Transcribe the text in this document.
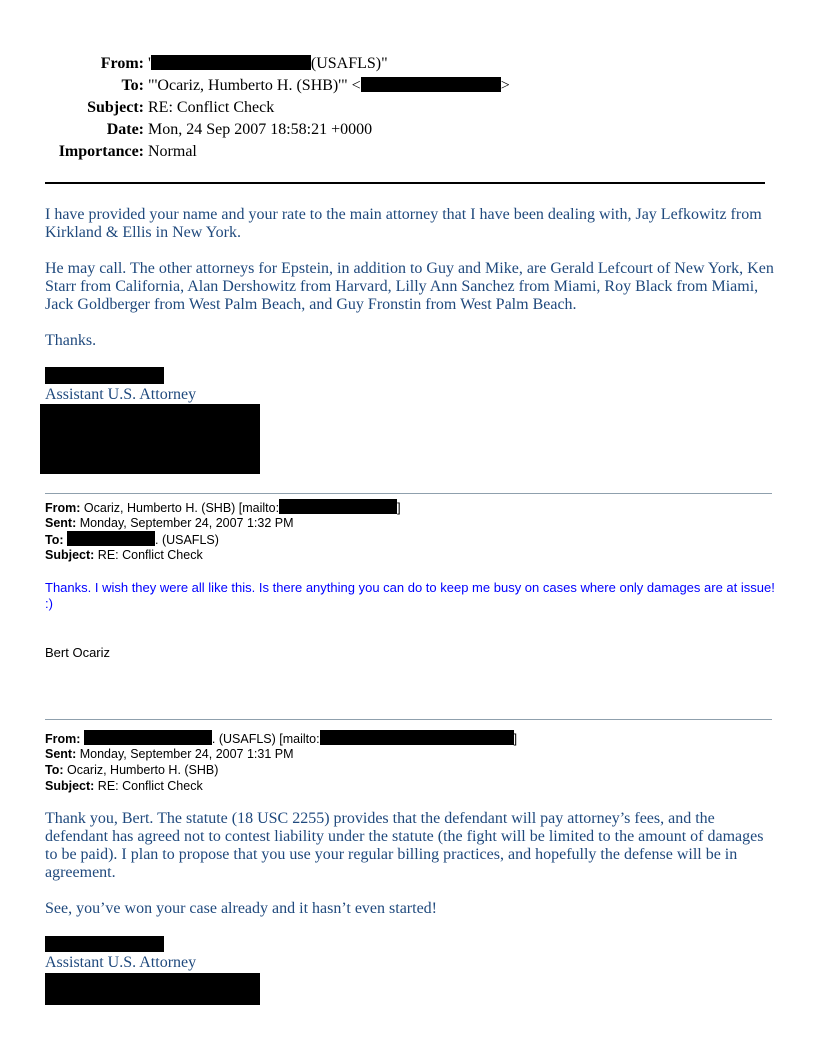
From: '	(USAFLS)"
To: "'Ocariz, Humberto H. (SHB)'" <	>
Subject: RE: Conflict Check
Date: Mon, 24 Sep 2007 18:58:21 +0000
Importance: Normal
I have provided your name and your rate to the main attorney that I have been dealing with, Jay Lefkowitz from Kirkland & Ellis in New York.
He may call. The other attorneys for Epstein, in addition to Guy and Mike, are Gerald Lefcourt of New York, Ken Starr from California, Alan Dershowitz from Harvard, Lilly Ann Sanchez from Miami, Roy Black from Miami, Jack Goldberger from West Palm Beach, and Guy Fronstin from West Palm Beach.
Thanks.
Assistant U.S. Attorney
From: Ocariz, Humberto H. (SHB) [mailto:	]
Sent: Monday, September 24, 2007 1:32 PM
To:	. (USAFLS)
Subject: RE: Conflict Check
Thanks. I wish they were all like this. Is there anything you can do to keep me busy on cases where only damages are at issue! :)
Bert Ocariz
From:	. (USAFLS) [mailto:	]
Sent: Monday, September 24, 2007 1:31 PM
To: Ocariz, Humberto H. (SHB)
Subject: RE: Conflict Check
Thank you, Bert. The statute (18 USC 2255) provides that the defendant will pay attorney’s fees, and the defendant has agreed not to contest liability under the statute (the fight will be limited to the amount of damages to be paid). I plan to propose that you use your regular billing practices, and hopefully the defense will be in agreement.
See, you’ve won your case already and it hasn’t even started!
Assistant U.S. Attorney
